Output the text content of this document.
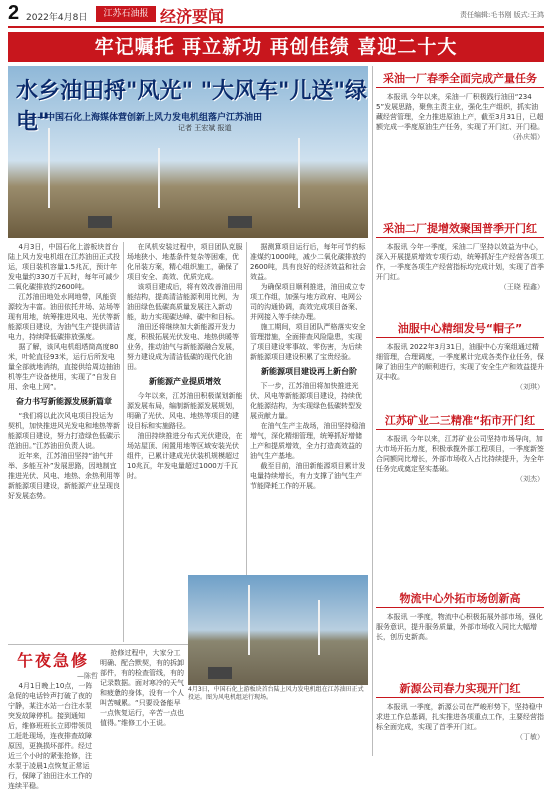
2 2022年4月8日	江苏石油报 经济要闻	责任编辑:毛书刚 版式:王鸿
牢记嘱托 再立新功 再创佳绩 喜迎二十大
水乡油田捋"风光" "大风车"儿送"绿电"
——中国石化上海媒体营创新上风力发电机组落户江苏油田
记者 王宏斌 报道

4月3日，中国石化上游板块首台陆上风力发电机组在江苏油田正式投运，项目装机容量1.5兆瓦，预计年发电量约330万千瓦时，每年可减少二氧化碳排放约2600吨。

江苏油田地处水网地带，风能资源较为丰富。油田依托井场、站场等现有用地，统筹推进风电、光伏等新能源项目建设，为油气生产提供清洁电力，持续降低碳排放强度。

据了解，该风电机组塔筒高度80米，叶轮直径93米，运行后所发电量全部就地消纳，直接供给周边抽油机等生产设备使用，实现了“自发自用、余电上网”。

奋力书写新能源发展新篇章

“我们将以此次风电项目投运为契机，加快推进风光发电和地热等新能源项目建设，努力打造绿色低碳示范油田。”江苏油田负责人说。

近年来，江苏油田坚持“油气并举、多能互补”发展思路，因地制宜推进光伏、风电、地热、余热利用等新能源项目建设，新能源产业呈现良好发展态势。

在风机安装过程中，项目团队克服场地狭小、地基条件复杂等困难，优化吊装方案，精心组织施工，确保了项目安全、高效、优质完成。

该项目建成后，将有效改善油田用能结构，提高清洁能源利用比例，为油田绿色低碳高质量发展注入新动能，助力实现碳达峰、碳中和目标。

油田还将继续加大新能源开发力度，积极拓展光伏发电、地热供暖等业务，推动油气与新能源融合发展，努力建设成为清洁低碳的现代化油田。

新能源产业提质增效

今年以来，江苏油田积极谋划新能源发展布局，编制新能源发展规划，明确了光伏、风电、地热等项目的建设目标和实施路径。

油田持续推进分布式光伏建设，在场站屋顶、闲置用地等区域安装光伏组件，已累计建成光伏装机规模超过10兆瓦，年发电量超过1000万千瓦时。

据测算项目运行后，每年可节约标准煤约1000吨，减少二氧化碳排放约2600吨，具有良好的经济效益和社会效益。

为确保项目顺利推进，油田成立专项工作组，加强与地方政府、电网公司的沟通协调，高效完成项目备案、并网接入等手续办理。

施工期间，项目团队严格落实安全管理措施，全面排查风险隐患，实现了项目建设零事故、零伤害，为后续新能源项目建设积累了宝贵经验。

新能源项目建设再上新台阶

下一步，江苏油田将加快推进光伏、风电等新能源项目建设，持续优化能源结构，为实现绿色低碳转型发展贡献力量。

在油气生产主战场，油田坚持稳油增气，深化精细管理，统筹抓好增储上产和提质增效，全力打造高效益的油气生产基地。

截至目前，油田新能源项目累计发电量持续增长，有力支撑了油气生产节能降耗工作的开展。

采油一厂春季全面完成产量任务

本报讯 今年以来，采油一厂积极践行油田“2345”发展思路，聚焦主责主业，强化生产组织，抓实油藏经营管理，全力推进原油上产，截至3月31日，已超额完成一季度原油生产任务，实现了开门红、开门稳。

（孙庆娟）
采油二厂提增效聚国普季开门红

本报讯 今年一季度，采油二厂坚持以效益为中心，深入开展提质增效专项行动，统筹抓好生产经营各项工作，一季度各项生产经营指标均完成计划，实现了首季开门红。

（王晓 程鑫）
油服中心精细发号“帽子”

本报讯 2022年3月31日，油服中心方案组通过精细管理，合理调度，一季度累计完成各类作业任务，保障了油田生产的顺利进行，实现了安全生产和效益提升双丰收。

（刘琪）
江苏矿业二三精准“拓市开门红

本报讯 今年以来，江苏矿业公司坚持市场导向，加大市场开拓力度，积极承揽外部工程项目，一季度新签合同额同比增长，外部市场收入占比持续提升，为全年任务完成奠定坚实基础。

（刘杰）
物流中心外拓市场创新高

本报讯 一季度，物流中心积极拓展外部市场，强化服务意识，提升服务质量，外部市场收入同比大幅增长，创历史新高。

新源公司春力实现开门红

本报讯 一季度，新源公司在严峻形势下，坚持稳中求进工作总基调，扎实推进各项重点工作，主要经营指标全面完成，实现了首季开门红。

（丁敏）
午夜急修
—陈哲

4月1日晚上10点，一阵急促的电话铃声打破了夜的宁静，某注水站一台注水泵突发故障停机。接到通知后，维修班班长立即带领员工赶赴现场，连夜排查故障原因，更换损坏部件。经过近三个小时的紧张抢修，注水泵于凌晨1点恢复正常运行，保障了油田注水工作的连续平稳。

抢修过程中，大家分工明确、配合默契，有的拆卸部件，有的检查管线，有的记录数据。面对寒冷的天气和疲惫的身体，没有一个人叫苦喊累。“只要设备能早一点恢复运行，辛苦一点也值得。”维修工小王说。

4月3日，中国石化上游板块首台陆上风力发电机组在江苏油田正式投运。图为风电机组运行现场。
